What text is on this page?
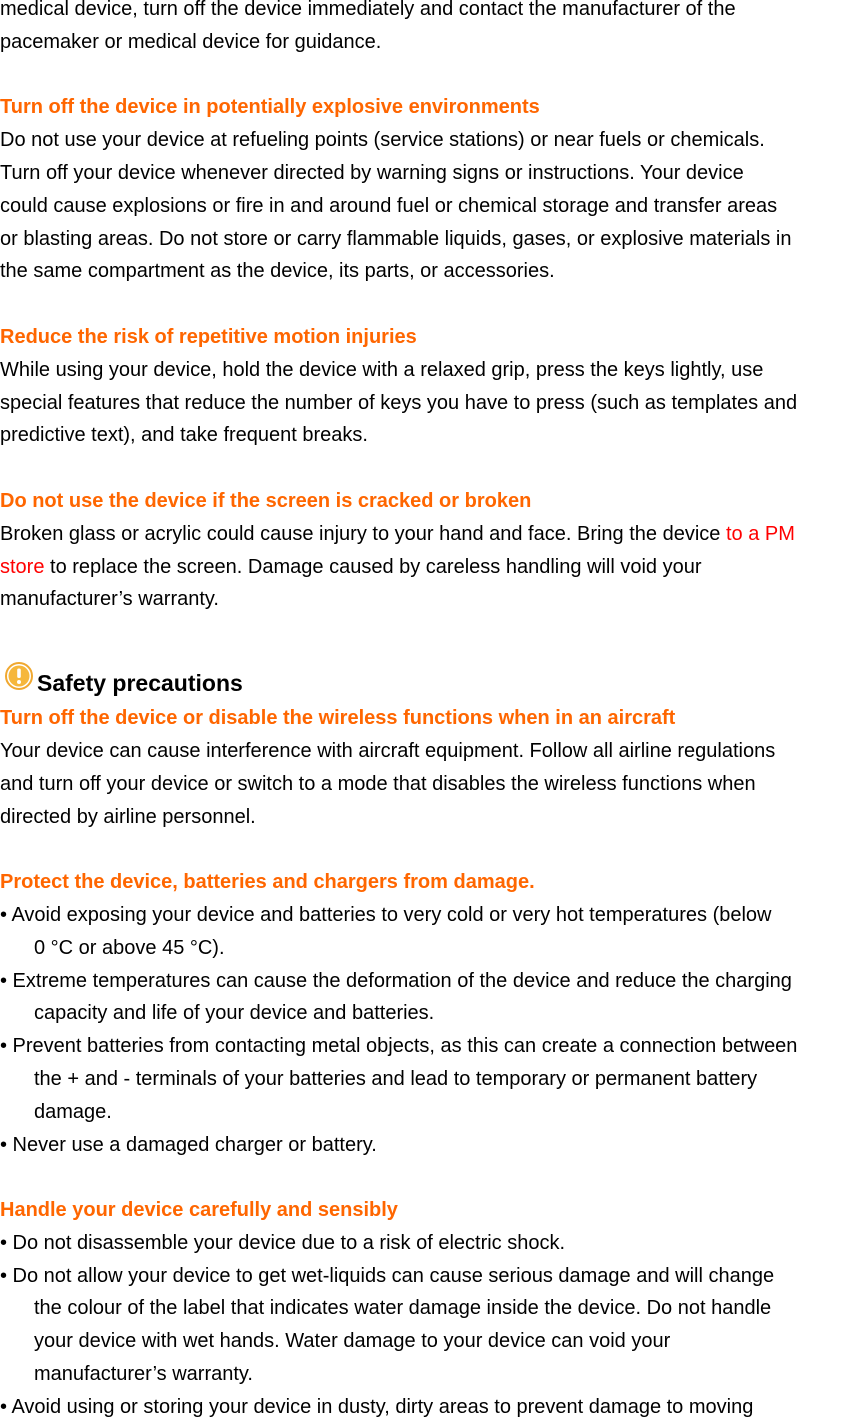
medical device, turn off the device immediately and contact the manufacturer of the

pacemaker or medical device for guidance.

Turn off the device in potentially explosive environments

Do not use your device at refueling points (service stations) or near fuels or chemicals.

Turn off your device whenever directed by warning signs or instructions. Your device

could cause explosions or fire in and around fuel or chemical storage and transfer areas

or blasting areas. Do not store or carry flammable liquids, gases, or explosive materials in

the same compartment as the device, its parts, or accessories.

Reduce the risk of repetitive motion injuries

While using your device, hold the device with a relaxed grip, press the keys lightly, use

special features that reduce the number of keys you have to press (such as templates and

predictive text), and take frequent breaks.

Do not use the device if the screen is cracked or broken

Broken glass or acrylic could cause injury to your hand and face. Bring the device to a PM

store to replace the screen. Damage caused by careless handling will void your

manufacturer’s warranty.

Safety precautions

Turn off the device or disable the wireless functions when in an aircraft

Your device can cause interference with aircraft equipment. Follow all airline regulations

and turn off your device or switch to a mode that disables the wireless functions when

directed by airline personnel.

Protect the device, batteries and chargers from damage.

• Avoid exposing your device and batteries to very cold or very hot temperatures (below

0 °C or above 45 °C).

• Extreme temperatures can cause the deformation of the device and reduce the charging

capacity and life of your device and batteries.

• Prevent batteries from contacting metal objects, as this can create a connection between

the + and - terminals of your batteries and lead to temporary or permanent battery

damage.

• Never use a damaged charger or battery.

Handle your device carefully and sensibly

• Do not disassemble your device due to a risk of electric shock.

• Do not allow your device to get wet-liquids can cause serious damage and will change

the colour of the label that indicates water damage inside the device. Do not handle

your device with wet hands. Water damage to your device can void your

manufacturer’s warranty.

• Avoid using or storing your device in dusty, dirty areas to prevent damage to moving
